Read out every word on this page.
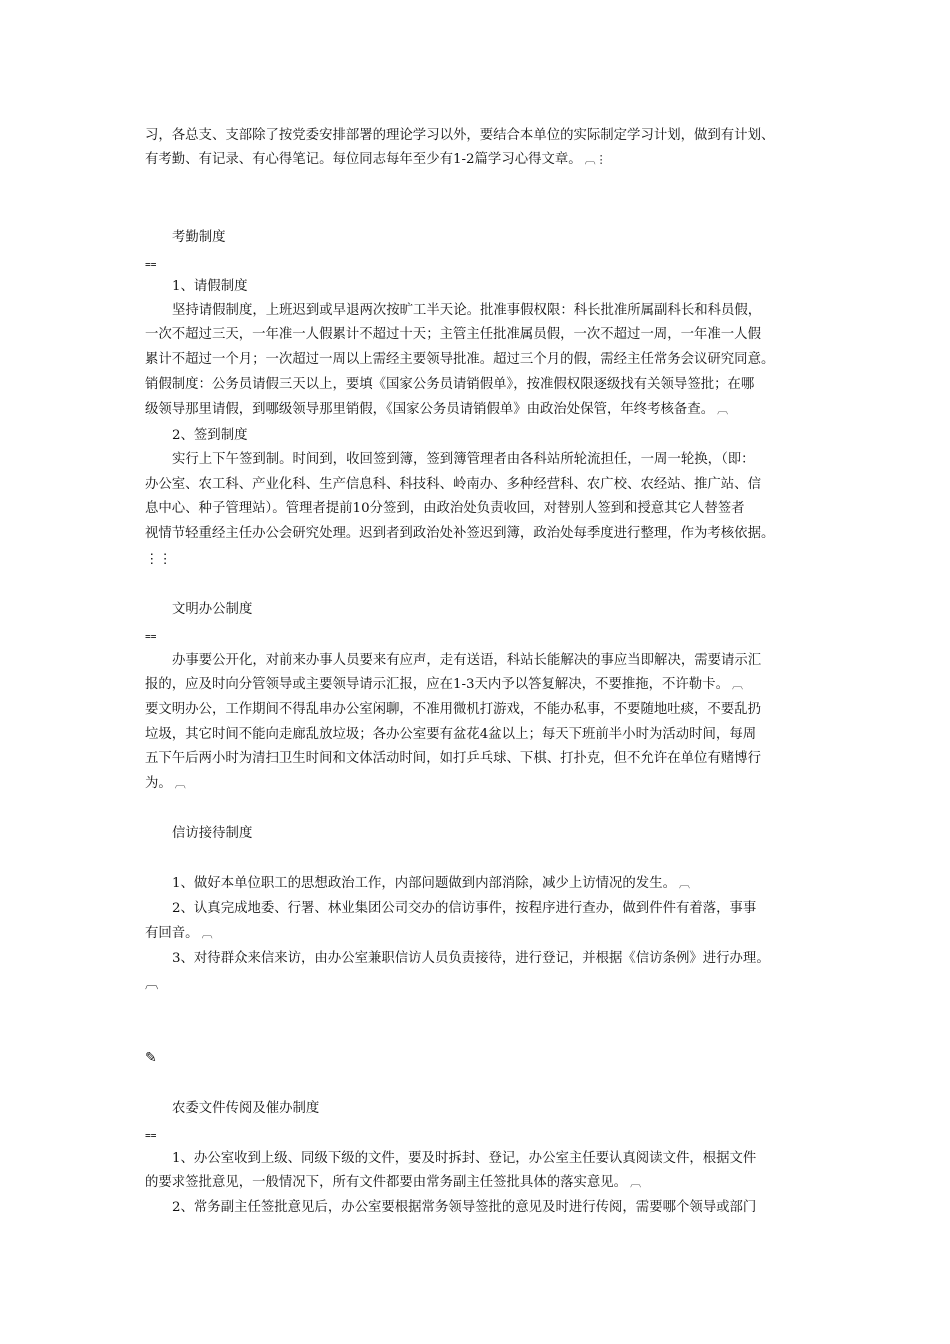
习，各总支、支部除了按党委安排部署的理论学习以外，要结合本单位的实际制定学习计划，做到有计划、
有考勤、有记录、有心得笔记。每位同志每年至少有1-2篇学习心得文章。 ︹⋮
考勤制度
⩵
1、请假制度
坚持请假制度，上班迟到或早退两次按旷工半天论。批准事假权限：科长批准所属副科长和科员假，
一次不超过三天，一年准一人假累计不超过十天；主管主任批准属员假，一次不超过一周，一年准一人假
累计不超过一个月；一次超过一周以上需经主要领导批准。超过三个月的假，需经主任常务会议研究同意。
销假制度：公务员请假三天以上，要填《国家公务员请销假单》，按准假权限逐级找有关领导签批；在哪
级领导那里请假，到哪级领导那里销假，《国家公务员请销假单》由政治处保管，年终考核备查。 ︹
2、签到制度
实行上下午签到制。时间到，收回签到簿，签到簿管理者由各科站所轮流担任，一周一轮换，（即：
办公室、农工科、产业化科、生产信息科、科技科、岭南办、多种经营科、农广校、农经站、推广站、信
息中心、种子管理站）。管理者提前10分签到，由政治处负责收回，对替别人签到和授意其它人替签者
视情节轻重经主任办公会研究处理。迟到者到政治处补签迟到簿，政治处每季度进行整理，作为考核依据。
⋮⋮
文明办公制度
⩵
办事要公开化，对前来办事人员要来有应声，走有送语，科站长能解决的事应当即解决，需要请示汇
报的，应及时向分管领导或主要领导请示汇报，应在1-3天内予以答复解决，不要推拖，不许勒卡。 ︹
要文明办公，工作期间不得乱串办公室闲聊，不准用微机打游戏，不能办私事，不要随地吐痰，不要乱扔
垃圾，其它时间不能向走廊乱放垃圾；各办公室要有盆花4盆以上；每天下班前半小时为活动时间，每周
五下午后两小时为清扫卫生时间和文体活动时间，如打乒乓球、下棋、打扑克，但不允许在单位有赌博行
为。 ︹
信访接待制度
1、做好本单位职工的思想政治工作，内部问题做到内部消除，减少上访情况的发生。 ︹
2、认真完成地委、行署、林业集团公司交办的信访事件，按程序进行查办，做到件件有着落，事事
有回音。 ︹
3、对待群众来信来访，由办公室兼职信访人员负责接待，进行登记，并根据《信访条例》进行办理。
︹
✎
农委文件传阅及催办制度
⩵
1、办公室收到上级、同级下级的文件，要及时拆封、登记，办公室主任要认真阅读文件，根据文件
的要求签批意见，一般情况下，所有文件都要由常务副主任签批具体的落实意见。 ︹
2、常务副主任签批意见后，办公室要根据常务领导签批的意见及时进行传阅，需要哪个领导或部门
